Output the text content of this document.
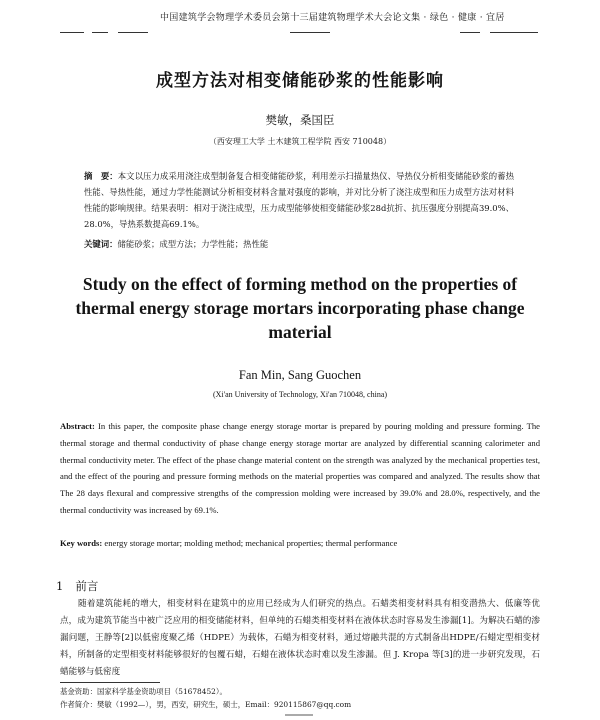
中国建筑学会物理学术委员会第十三届建筑物理学术大会论文集 · 绿色 · 健康 · 宜居
成型方法对相变储能砂浆的性能影响
樊敏，桑国臣
（西安理工大学 土木建筑工程学院 西安 710048）
摘　要：本文以压力成采用浇注成型制备复合相变储能砂浆，利用差示扫描量热仪、导热仪分析相变储能砂浆的蓄热性能、导热性能，通过力学性能测试分析相变材料含量对强度的影响，并对比分析了浇注成型和压力成型方法对材料性能的影响规律。结果表明：相对于浇注成型，压力成型能够使相变储能砂浆28d抗折、抗压强度分别提高39.0%、28.0%，导热系数提高69.1%。
关键词：储能砂浆；成型方法；力学性能；热性能
Study on the effect of forming method on the properties of thermal energy storage mortars incorporating phase change material
Fan Min, Sang Guochen
(Xi'an University of Technology, Xi'an 710048, china)
Abstract: In this paper, the composite phase change energy storage mortar is prepared by pouring molding and pressure forming. The thermal storage and thermal conductivity of phase change energy storage mortar are analyzed by differential scanning calorimeter and thermal conductivity meter. The effect of the phase change material content on the strength was analyzed by the mechanical properties test, and the effect of the pouring and pressure forming methods on the material properties was compared and analyzed. The results show that The 28 days flexural and compressive strengths of the compression molding were increased by 39.0% and 28.0%, respectively, and the thermal conductivity was increased by 69.1%.
Key words: energy storage mortar; molding method; mechanical properties; thermal performance
1 前言
随着建筑能耗的增大，相变材料在建筑中的应用已经成为人们研究的热点。石蜡类相变材料具有相变潜热大、低廉等优点，成为建筑节能当中被广泛应用的相变储能材料，但单纯的石蜡类相变材料在液体状态时容易发生渗漏[1]。为解决石蜡的渗漏问题，王静等[2]以低密度聚乙烯（HDPE）为载体，石蜡为相变材料，通过熔融共混的方式制备出HDPE/石蜡定型相变材料，所制备的定型相变材料能够很好的包覆石蜡，石蜡在液体状态时难以发生渗漏。但 J. Kropa 等[3]的进一步研究发现，石蜡能够与低密度
基金资助：国家科学基金资助项目（51678452）。
作者简介：樊敏（1992—），男，西安，研究生，硕士，Email：920115867@qq.com
